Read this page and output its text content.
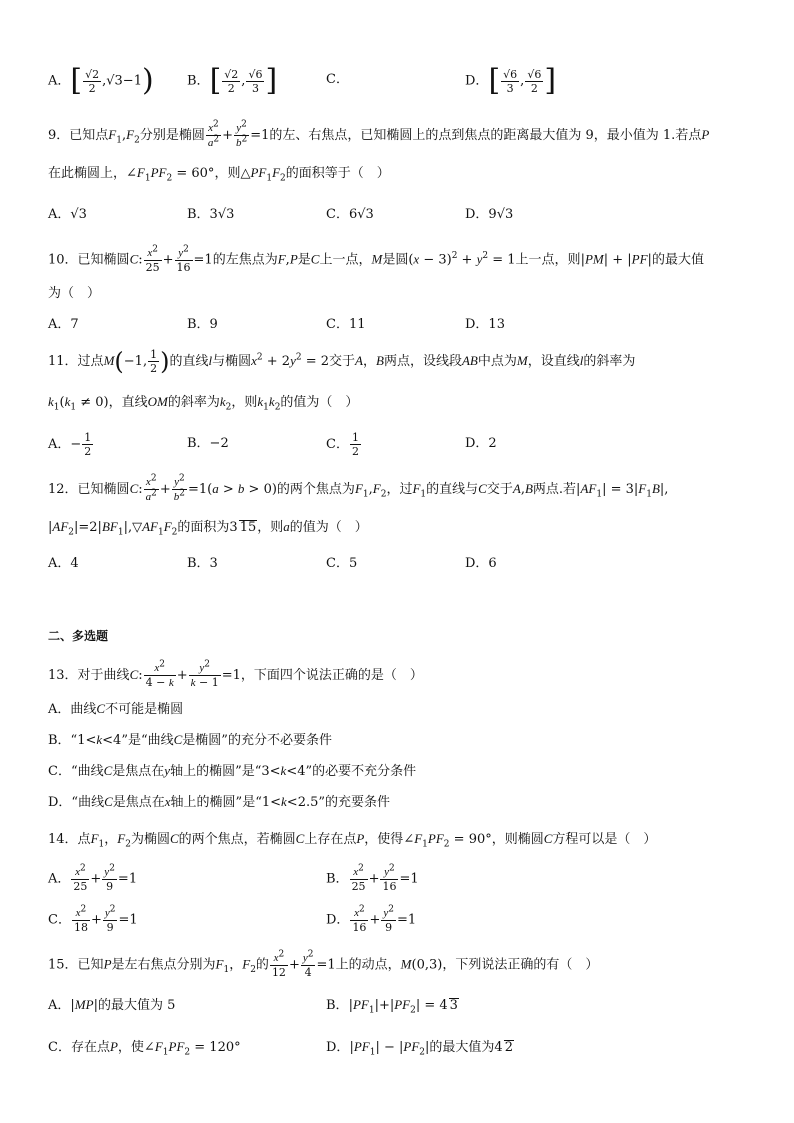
A．[ $\frac{√2}{2} ,√3-1$)	B．[ $\frac{√2}{2}$ , $\frac{√6}{3}$ ]	C．	D．[ $\frac{√6}{3}$ , $\frac{√6}{2}$ ]
9．已知点$F_1,F_2$分别是椭圆 $\frac{x^2}{a^2} + \frac{y^2}{b^2} =1$的左、右焦点，已知椭圆上的点到焦点的距离最大值为 9，最小值为 1.若点P
在此椭圆上，$\angle F_1PF_2 = 60^\circ$，则$\triangle PF_1F_2$的面积等于（　）
A．√3	B．3√3	C．6√3	D．9√3
10．已知椭圆C: $\frac{x^2}{25} + \frac{y^2}{16} =1$的左焦点为F,P是C上一点，M是圆$(x - 3)^2 + y^2 = 1$上一点，则|PM| + |PF|的最大值
为（　）
A．7	B．9	C．11	D．13
11．过点M(−1, $\frac{1}{2}$ )的直线l与椭圆$x^2 + 2y^2 = 2$交于A，B两点，设线段AB中点为M，设直线l的斜率为
$k_1(k_1 \ne 0)$，直线OM的斜率为$k_2$，则$k_1k_2$的值为（　）
A．− $\frac{1}{2}$	B．−2	C． $\frac{1}{2}$	D．2
12．已知椭圆C: $\frac{x^2}{a^2} + \frac{y^2}{b^2} =1(a > b > 0)$的两个焦点为$F_1,F_2$，过$F_1$的直线与C交于A,B两点.若$|AF_1| = 3|F_1B|$,
$|AF_2|=2|BF_1|,▽AF_1F_2$的面积为3 15，则a的值为（　）
A．4	B．3	C．5	D．6
二、多选题
13．对于曲线C: $\frac{x^2}{4 - k} + \frac{y^2}{k - 1} =1$，下面四个说法正确的是（　）
A．曲线C不可能是椭圆
B．“1<k<4”是“曲线C是椭圆”的充分不必要条件
C．“曲线C是焦点在y轴上的椭圆”是“3<k<4”的必要不充分条件
D．“曲线C是焦点在x轴上的椭圆”是“1<k<2.5”的充要条件
14．点$F_1$，$F_2$为椭圆C的两个焦点，若椭圆C上存在点P，使得$\angle F_1PF_2 = 90^\circ$，则椭圆C方程可以是（　）
A． $\frac{x^2}{25} + \frac{y^2}{9} =1$	B． $\frac{x^2}{25} + \frac{y^2}{16} =1$
C． $\frac{x^2}{18} + \frac{y^2}{9} =1$	D． $\frac{x^2}{16} + \frac{y^2}{9} =1$
15．已知P是左右焦点分别为$F_1$，$F_2$的 $\frac{x^2}{12} + \frac{y^2}{4} =1$上的动点，M(0,3)，下列说法正确的有（　）
A．|MP|的最大值为 5	B．$|PF_1|+|PF_2| = 4$ 3
C．存在点P，使$\angle F_1PF_2 = 120^\circ$	D．$|PF_1| - |PF_2|$的最大值为4 2
